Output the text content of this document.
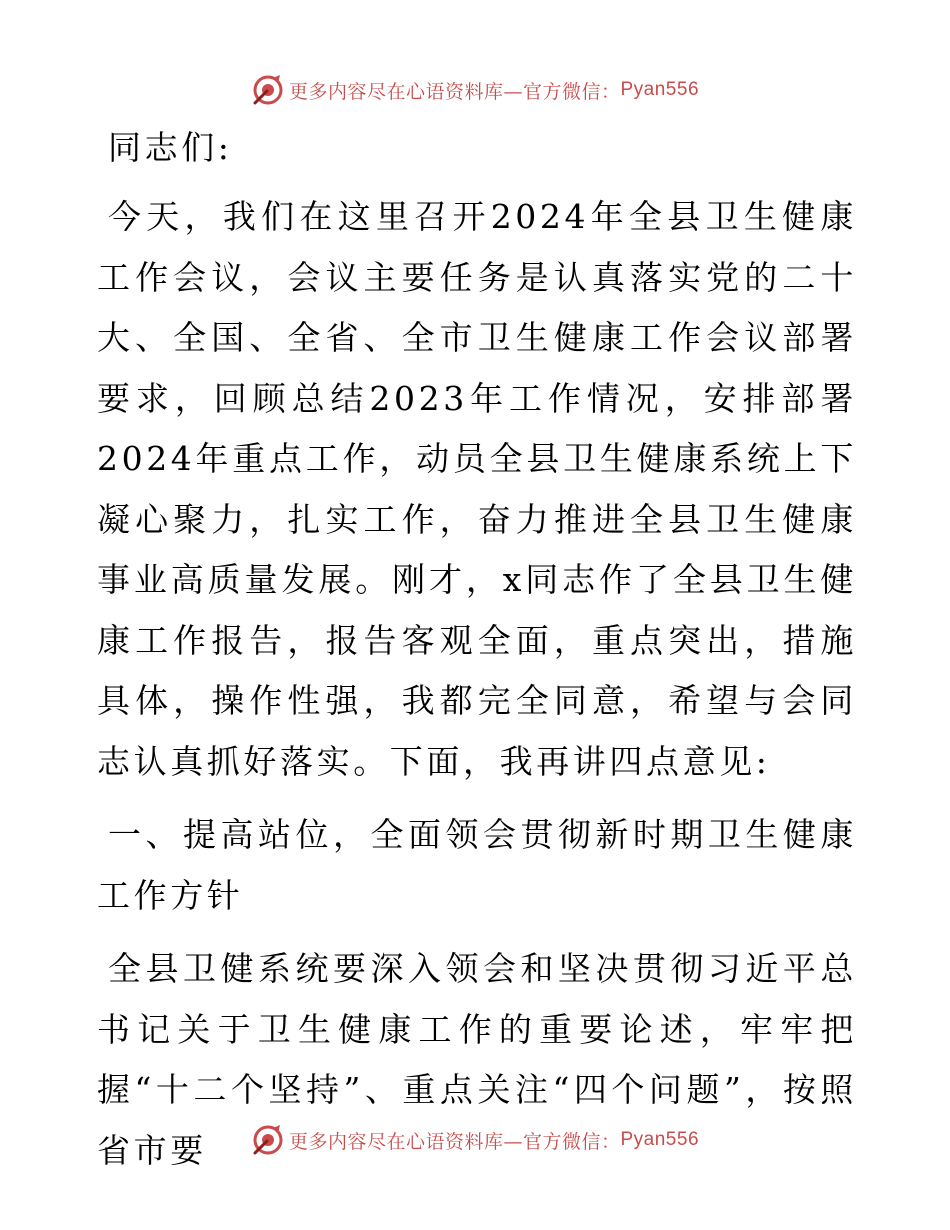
更多内容尽在心语资料库—官方微信： Pyan556

同志们:

今天，我们在这里召开2024年全县卫生健康工作会议，会议主要任务是认真落实党的二十大、全国、全省、全市卫生健康工作会议部署要求，回顾总结2023年工作情况，安排部署2024年重点工作，动员全县卫生健康系统上下凝心聚力，扎实工作，奋力推进全县卫生健康事业高质量发展。刚才，x同志作了全县卫生健康工作报告，报告客观全面，重点突出，措施具体，操作性强，我都完全同意，希望与会同志认真抓好落实。下面，我再讲四点意见:

一、提高站位，全面领会贯彻新时期卫生健康工作方针

全县卫健系统要深入领会和坚决贯彻习近平总书记关于卫生健康工作的重要论述，牢牢把握“十二个坚持”、重点关注“四个问题”，按照省市要	更多内容尽在心语资料库—官方微信： Pyan556
